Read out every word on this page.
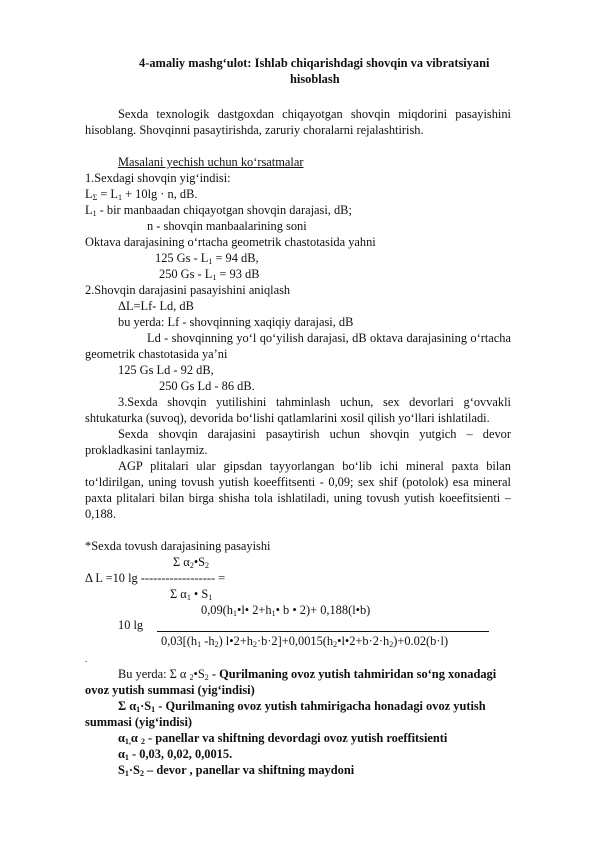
4-amaliy mashg‘ulot: Ishlab chiqarishdagi shovqin va vibratsiyani
hisoblash
Sexda texnologik dastgoxdan chiqayotgan shovqin miqdorini pasayishini
hisoblang. Shovqinni pasaytirishda, zaruriy choralarni rejalashtirish.
Masalani yechish uchun ko‘rsatmalar
1.Sexdagi shovqin yig‘indisi:
$L_\Sigma = L_1 + 10\lg \cdot n$, dB.
$L_1$ - bir manbaadan chiqayotgan shovqin darajasi, dB;
n - shovqin manbaalarining soni
Oktava darajasining o‘rtacha geometrik chastotasida yahni
125 $Gs - L_1 = 94$ dB,
250 $Gs - L_1 = 93$ dB
2.Shovqin darajasini pasayishini aniqlash
ΔL=Lf- Ld, dB
bu yerda: Lf - shovqinning xaqiqiy darajasi, dB
Ld - shovqinning yo‘l qo‘yilish darajasi, dB oktava darajasining o‘rtacha
geometrik chastotasida ya’ni
125 Gs Ld - 92 dB,
250 Gs Ld - 86 dB.
3.Sexda shovqin yutilishini tahminlash uchun, sex devorlari g‘ovvakli
shtukaturka (suvoq), devorida bo‘lishi qatlamlarini xosil qilish yo‘llari ishlatiladi.
Sexda shovqin darajasini pasaytirish uchun shovqin yutgich – devor
prokladkasini tanlaymiz.
AGP plitalari ular gipsdan tayyorlangan bo‘lib ichi mineral paxta bilan
to‘ldirilgan, uning tovush yutish koeeffitsenti - 0,09; sex shif (potolok) esa mineral
paxta plitalari bilan birga shisha tola ishlatiladi, uning tovush yutish koeefitsienti –
0,188.
*Sexda tovush darajasining pasayishi
Σ $\alpha_2•S_2$
Δ L =10 lg ------------------ =
Σ $\alpha_1$ • $S_1$
$0,09(h_1•l•$ $2+h_1•$ b • 2)+ 0,188(l•b)
10 lg
$0,03[(h_1$ $-h_2$) $l•2+h_2\cdot b\cdot 2]+0,0015(h_2•l•2+b\cdot 2\cdot h_2)+0.02(b\cdot l)$
.
Bu yerda: Σ α $_2•S_2$ - Qurilmaning ovoz yutish tahmiridan so‘ng xonadagi
ovoz yutish summasi (yig‘indisi)
Σ $\alpha_1\cdot S_1$ - Qurilmaning ovoz yutish tahmirigacha honadagi ovoz yutish
summasi (yig‘indisi)
$\alpha_{1,}\alpha$ $_2$ - panellar va shiftning devordagi ovoz yutish roeffitsienti
$\alpha_1 - 0,03$, 0,02, 0,0015.
$S_1\cdot S_2$ – devor , panellar va shiftning maydoni
